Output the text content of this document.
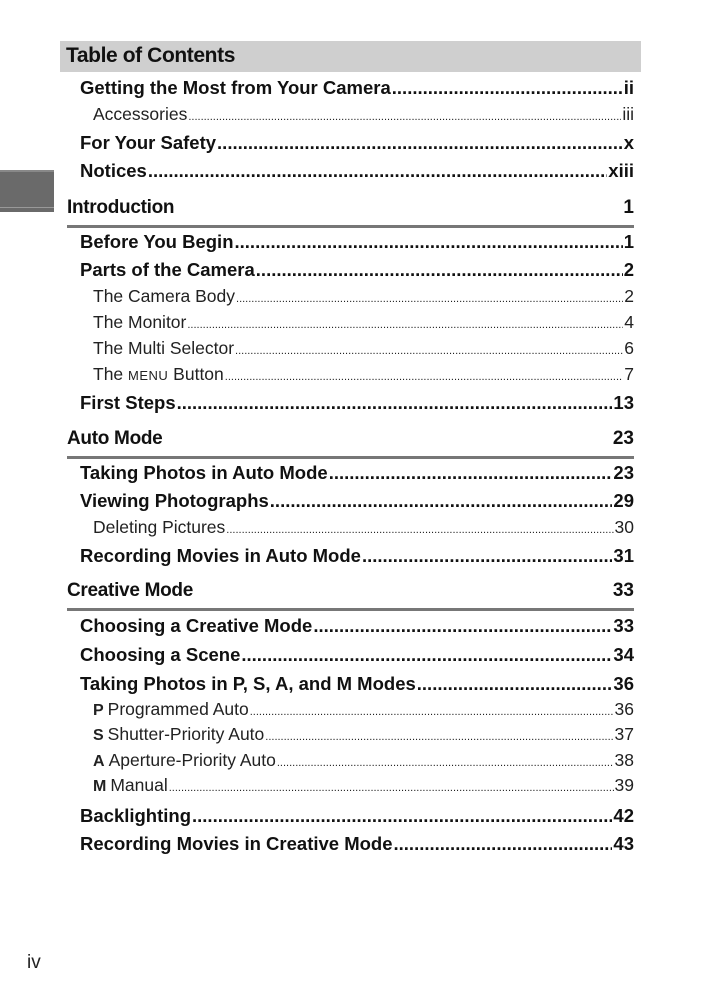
Table of Contents
Getting the Most from Your Camera .....	ii
Accessories .....	iii
For Your Safety .....	x
Notices .....	xiii
Introduction	1
Before You Begin .....	1
Parts of the Camera .....	2
The Camera Body .....	2
The Monitor .....	4
The Multi Selector .....	6
The MENU Button .....	7
First Steps .....	13
Auto Mode	23
Taking Photos in Auto Mode .....	23
Viewing Photographs .....	29
Deleting Pictures .....	30
Recording Movies in Auto Mode .....	31
Creative Mode	33
Choosing a Creative Mode .....	33
Choosing a Scene .....	34
Taking Photos in P, S, A, and M Modes .....	36
P Programmed Auto .....	36
S Shutter-Priority Auto .....	37
A Aperture-Priority Auto .....	38
M Manual .....	39
Backlighting .....	42
Recording Movies in Creative Mode .....	43
iv
